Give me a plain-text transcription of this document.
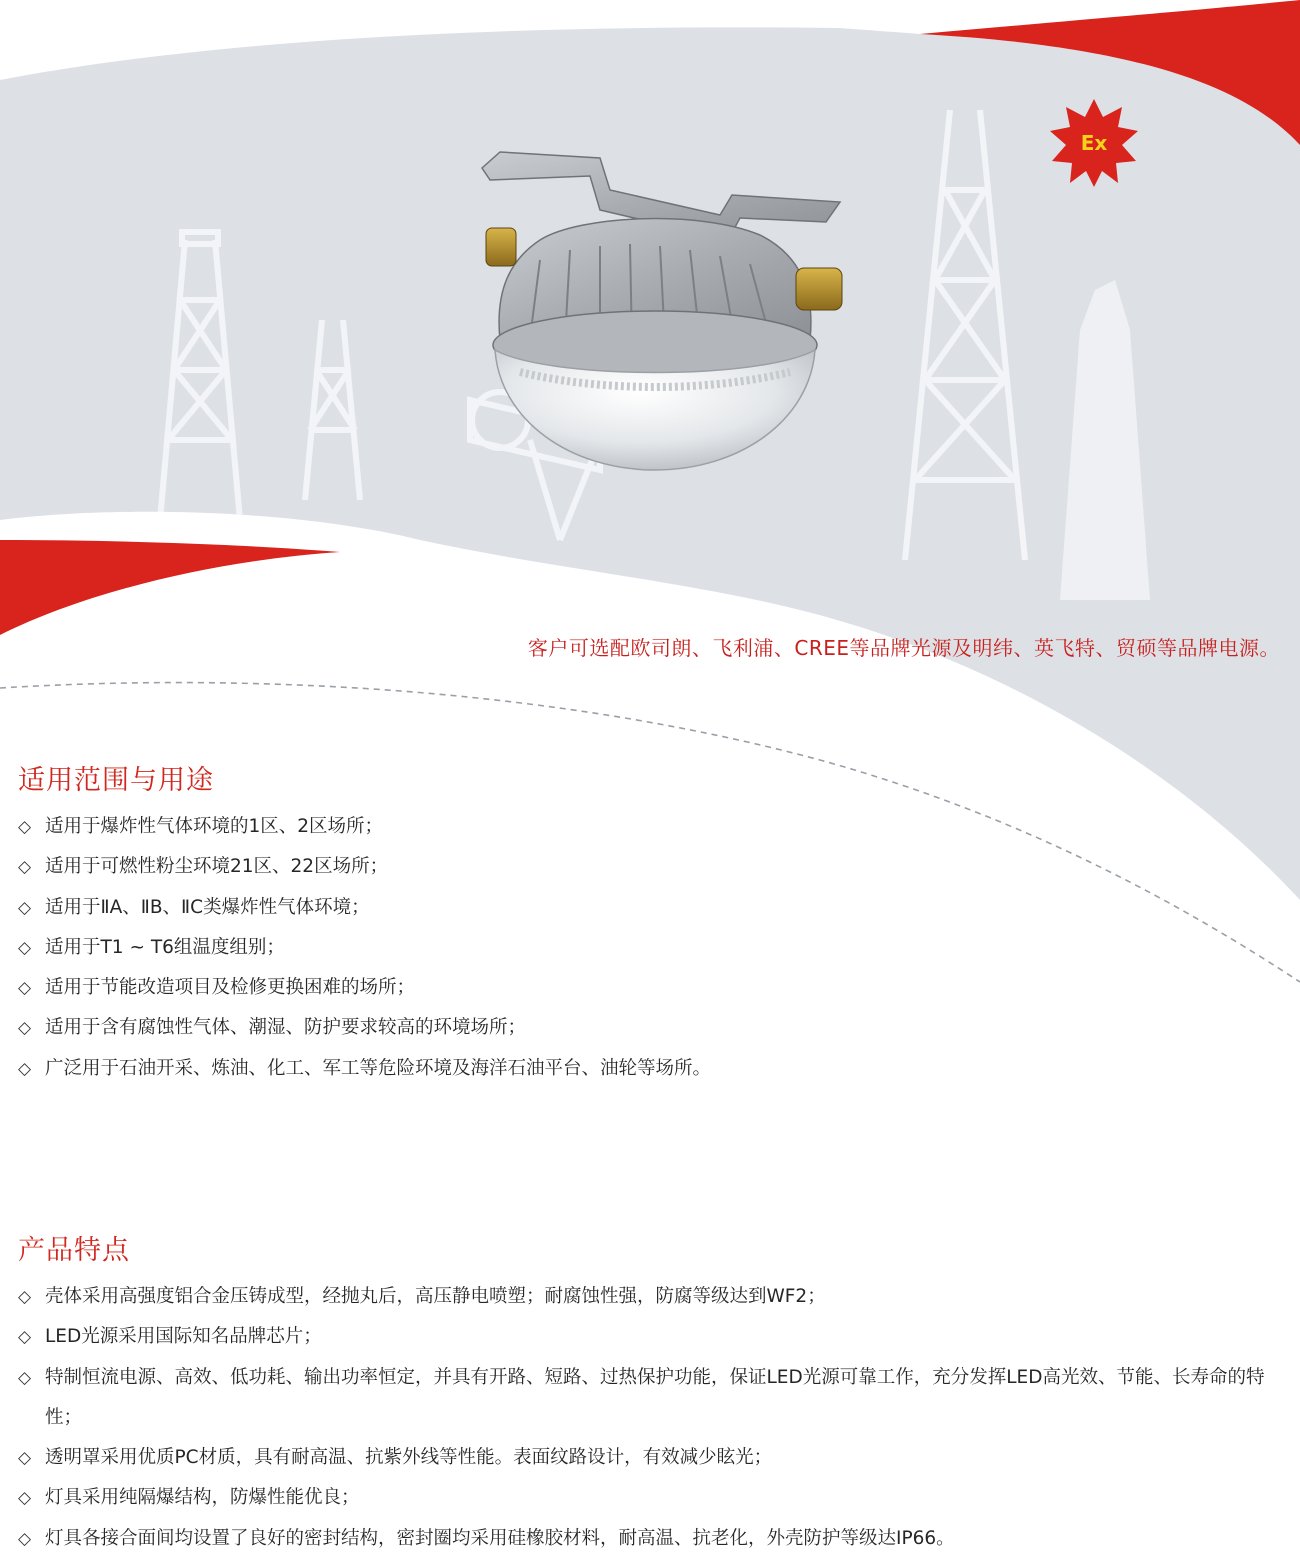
Ex
客户可选配欧司朗、飞利浦、CREE等品牌光源及明纬、英飞特、贸硕等品牌电源。
适用范围与用途

◇ 适用于爆炸性气体环境的1区、2区场所；

◇ 适用于可燃性粉尘环境21区、22区场所；

◇ 适用于ⅡA、ⅡB、ⅡC类爆炸性气体环境；

◇ 适用于T1 ~ T6组温度组别；

◇ 适用于节能改造项目及检修更换困难的场所；

◇ 适用于含有腐蚀性气体、潮湿、防护要求较高的环境场所；

◇ 广泛用于石油开采、炼油、化工、军工等危险环境及海洋石油平台、油轮等场所。

产品特点

◇ 壳体采用高强度铝合金压铸成型，经抛丸后，高压静电喷塑；耐腐蚀性强，防腐等级达到WF2；

◇ LED光源采用国际知名品牌芯片；

◇ 特制恒流电源、高效、低功耗、输出功率恒定，并具有开路、短路、过热保护功能，保证LED光源可靠工作，充分发挥LED高光效、节能、长寿命的特性；

◇ 透明罩采用优质PC材质，具有耐高温、抗紫外线等性能。表面纹路设计，有效减少眩光；

◇ 灯具采用纯隔爆结构，防爆性能优良；

◇ 灯具各接合面间均设置了良好的密封结构，密封圈均采用硅橡胶材料，耐高温、抗老化，外壳防护等级达IP66。
